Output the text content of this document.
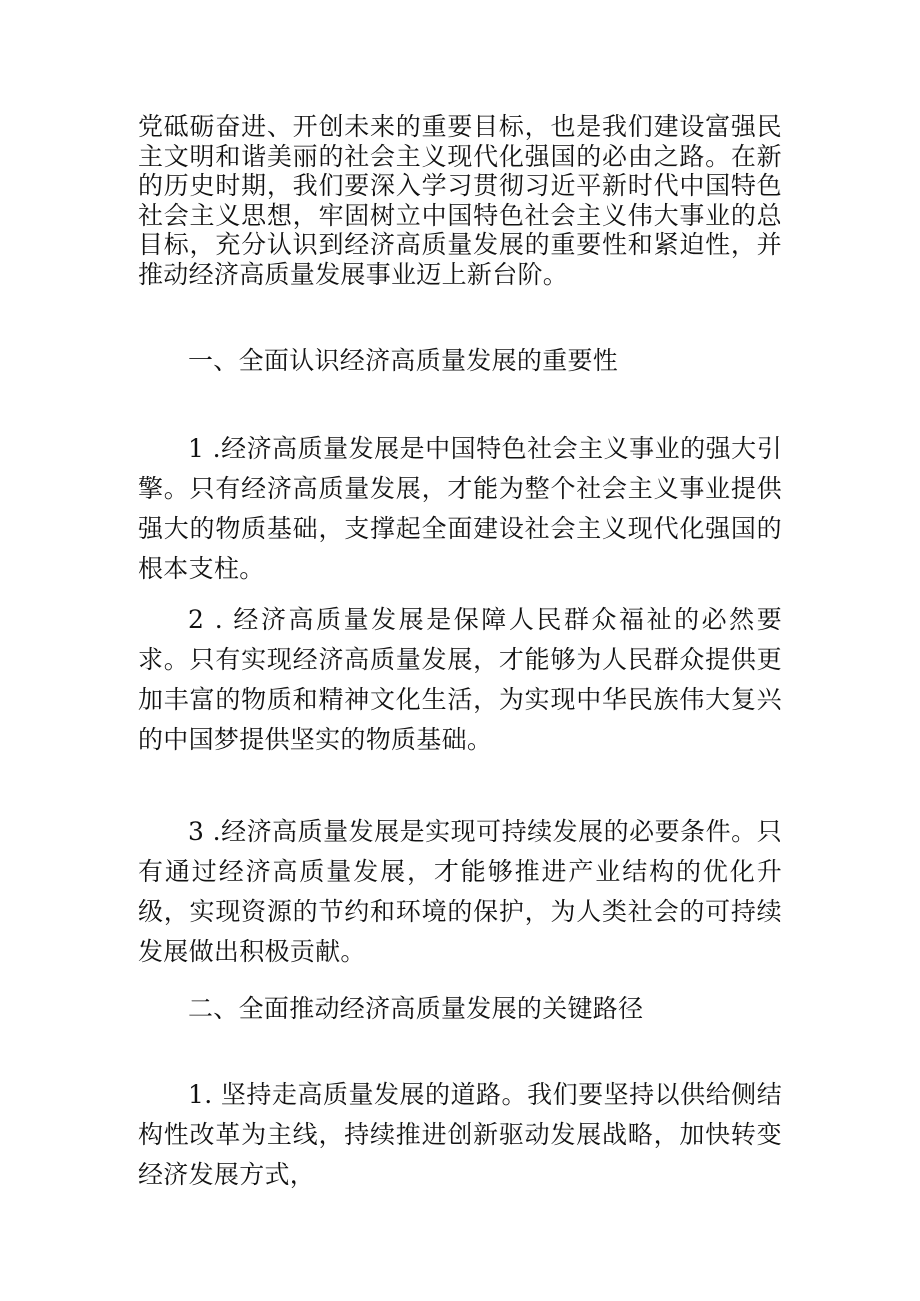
党砥砺奋进、开创未来的重要目标，也是我们建设富强民主文明和谐美丽的社会主义现代化强国的必由之路。在新的历史时期，我们要深入学习贯彻习近平新时代中国特色社会主义思想，牢固树立中国特色社会主义伟大事业的总目标，充分认识到经济高质量发展的重要性和紧迫性，并推动经济高质量发展事业迈上新台阶。

一、全面认识经济高质量发展的重要性

1 .经济高质量发展是中国特色社会主义事业的强大引擎。只有经济高质量发展，才能为整个社会主义事业提供强大的物质基础，支撑起全面建设社会主义现代化强国的根本支柱。

2 . 经济高质量发展是保障人民群众福祉的必然要求。只有实现经济高质量发展，才能够为人民群众提供更加丰富的物质和精神文化生活，为实现中华民族伟大复兴的中国梦提供坚实的物质基础。

3 .经济高质量发展是实现可持续发展的必要条件。只有通过经济高质量发展，才能够推进产业结构的优化升级，实现资源的节约和环境的保护，为人类社会的可持续发展做出积极贡献。

二、全面推动经济高质量发展的关键路径

1. 坚持走高质量发展的道路。我们要坚持以供给侧结构性改革为主线，持续推进创新驱动发展战略，加快转变经济发展方式，
